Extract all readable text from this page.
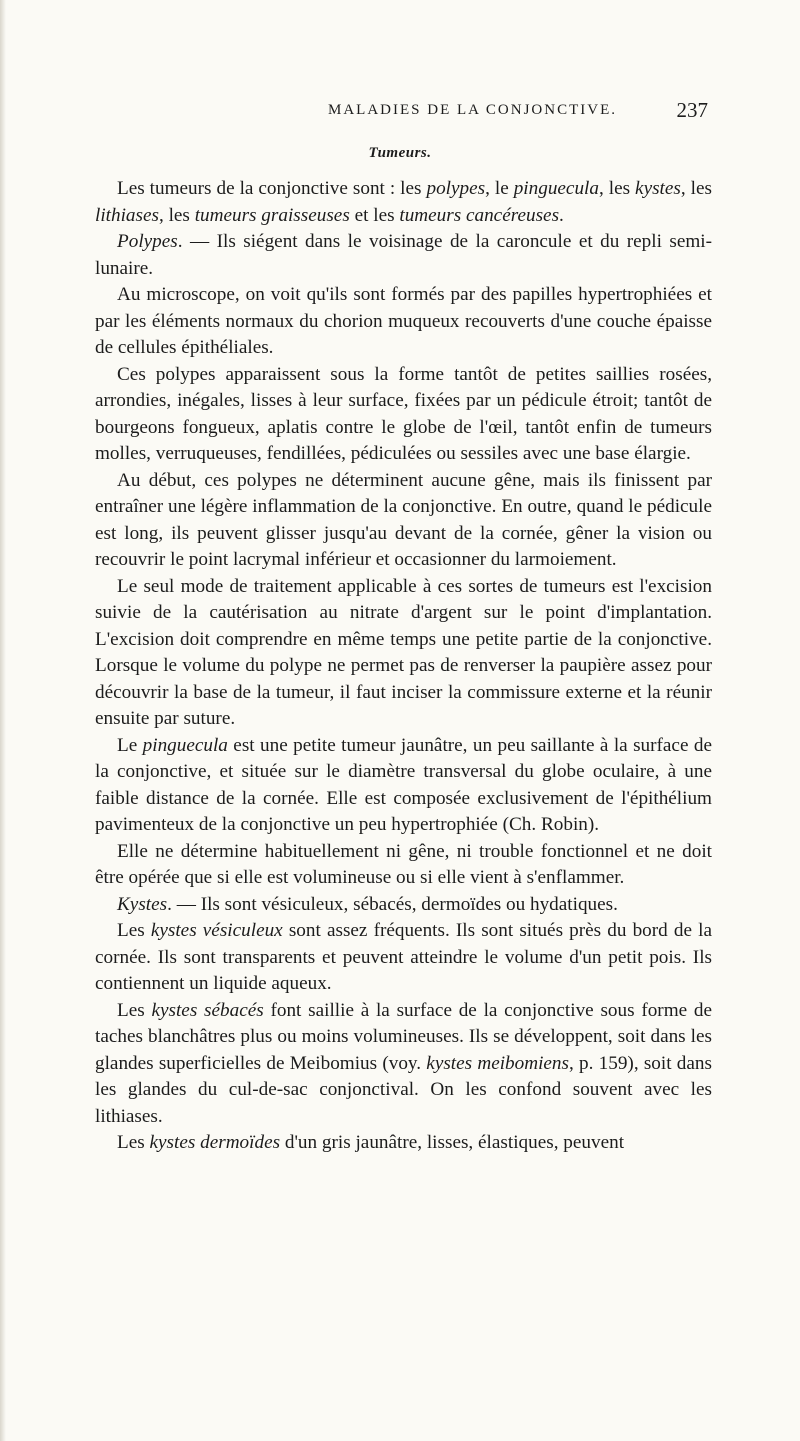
MALADIES DE LA CONJONCTIVE.	237
Tumeurs.

Les tumeurs de la conjonctive sont : les polypes, le pinguecula, les kystes, les lithiases, les tumeurs graisseuses et les tumeurs cancéreuses.

Polypes. — Ils siégent dans le voisinage de la caroncule et du repli semi-lunaire.

Au microscope, on voit qu'ils sont formés par des papilles hypertrophiées et par les éléments normaux du chorion muqueux recouverts d'une couche épaisse de cellules épithéliales.

Ces polypes apparaissent sous la forme tantôt de petites saillies rosées, arrondies, inégales, lisses à leur surface, fixées par un pédicule étroit; tantôt de bourgeons fongueux, aplatis contre le globe de l'œil, tantôt enfin de tumeurs molles, verruqueuses, fendillées, pédiculées ou sessiles avec une base élargie.

Au début, ces polypes ne déterminent aucune gêne, mais ils finissent par entraîner une légère inflammation de la conjonctive. En outre, quand le pédicule est long, ils peuvent glisser jusqu'au devant de la cornée, gêner la vision ou recouvrir le point lacrymal inférieur et occasionner du larmoiement.

Le seul mode de traitement applicable à ces sortes de tumeurs est l'excision suivie de la cautérisation au nitrate d'argent sur le point d'implantation. L'excision doit comprendre en même temps une petite partie de la conjonctive. Lorsque le volume du polype ne permet pas de renverser la paupière assez pour découvrir la base de la tumeur, il faut inciser la commissure externe et la réunir ensuite par suture.

Le pinguecula est une petite tumeur jaunâtre, un peu saillante à la surface de la conjonctive, et située sur le diamètre transversal du globe oculaire, à une faible distance de la cornée. Elle est composée exclusivement de l'épithélium pavimenteux de la conjonctive un peu hypertrophiée (Ch. Robin).

Elle ne détermine habituellement ni gêne, ni trouble fonctionnel et ne doit être opérée que si elle est volumineuse ou si elle vient à s'enflammer.

Kystes. — Ils sont vésiculeux, sébacés, dermoïdes ou hydatiques.

Les kystes vésiculeux sont assez fréquents. Ils sont situés près du bord de la cornée. Ils sont transparents et peuvent atteindre le volume d'un petit pois. Ils contiennent un liquide aqueux.

Les kystes sébacés font saillie à la surface de la conjonctive sous forme de taches blanchâtres plus ou moins volumineuses. Ils se développent, soit dans les glandes superficielles de Meibomius (voy. kystes meibomiens, p. 159), soit dans les glandes du cul-de-sac conjonctival. On les confond souvent avec les lithiases.

Les kystes dermoïdes d'un gris jaunâtre, lisses, élastiques, peuvent
